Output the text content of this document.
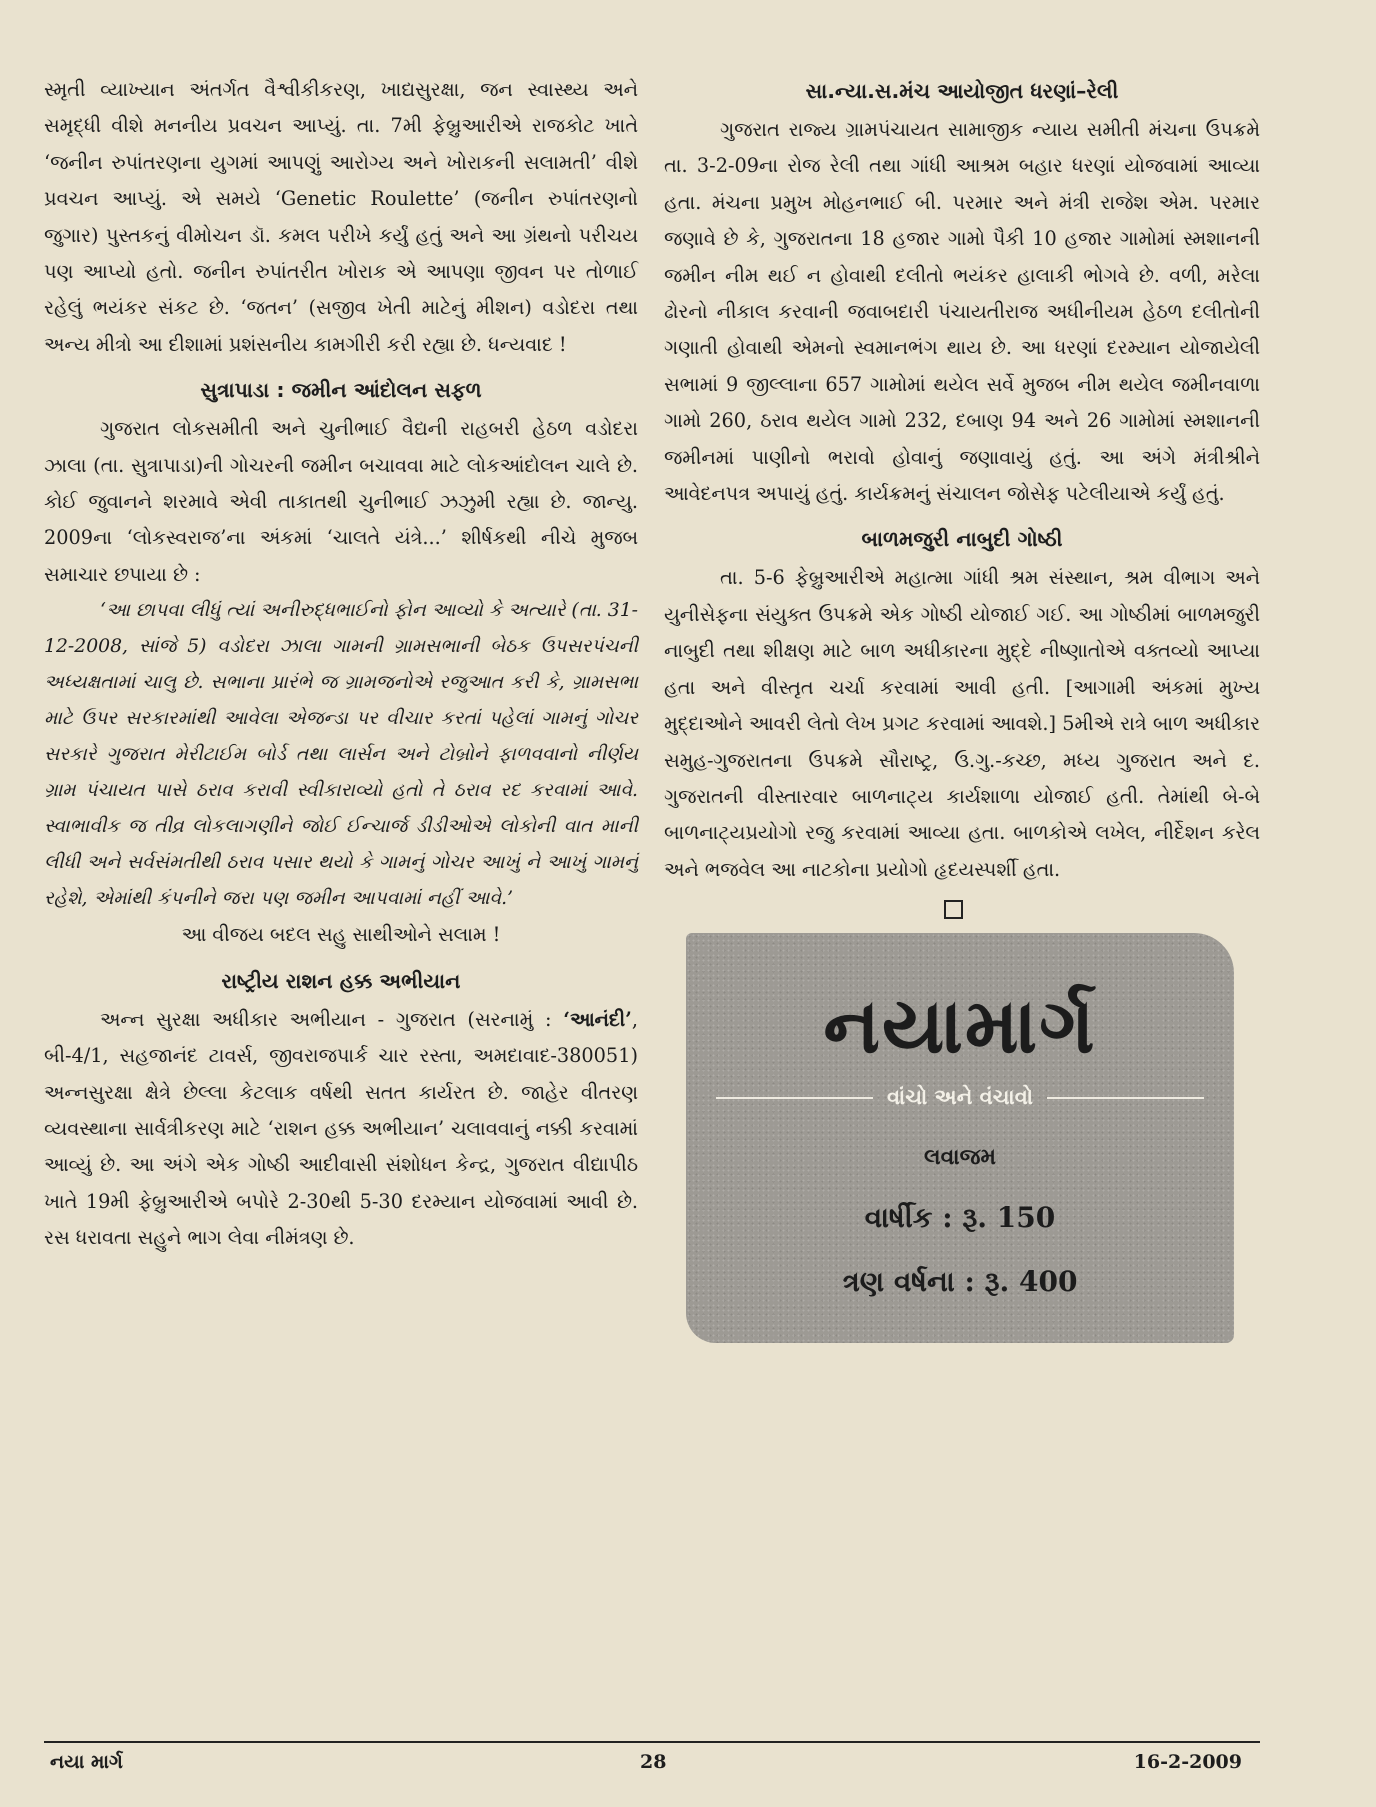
સ્મૃતી વ્યાખ્યાન અંતર્ગત વૈશ્વીકીકરણ, ખાદ્યસુરક્ષા, જન સ્વાસ્થ્ય અને સમૃદ્ધી વીશે મનનીય પ્રવચન આપ્યું. તા. 7મી ફેબ્રુઆરીએ રાજકોટ ખાતે ‘જનીન રુપાંતરણના યુગમાં આપણું આરોગ્ય અને ખોરાકની સલામતી’ વીશે પ્રવચન આપ્યું. એ સમયે ‘Genetic Roulette’ (જનીન રુપાંતરણનો જુગાર) પુસ્તકનું વીમોચન ડૉ. કમલ પરીખે કર્યું હતું અને આ ગ્રંથનો પરીચય પણ આપ્યો હતો. જનીન રુપાંતરીત ખોરાક એ આપણા જીવન પર તોળાઈ રહેલું ભયંકર સંકટ છે. ‘જતન’ (સજીવ ખેતી માટેનું મીશન) વડોદરા તથા અન્ય મીત્રો આ દીશામાં પ્રશંસનીય કામગીરી કરી રહ્યા છે. ધન્યવાદ !

સુત્રાપાડા : જમીન આંદોલન સફળ

ગુજરાત લોકસમીતી અને ચુનીભાઈ વૈદ્યની રાહબરી હેઠળ વડોદરા ઝાલા (તા. સુત્રાપાડા)ની ગોચરની જમીન બચાવવા માટે લોકઆંદોલન ચાલે છે. કોઈ જુવાનને શરમાવે એવી તાકાતથી ચુનીભાઈ ઝઝુમી રહ્યા છે. જાન્યુ. 2009ના ‘લોકસ્વરાજ’ના અંકમાં ‘ચાલતે યંત્રે...’ શીર્ષકથી નીચે મુજબ સમાચાર છપાયા છે :

‘આ છાપવા લીધું ત્યાં અનીરુદ્ધભાઈનો ફોન આવ્યો કે અત્યારે (તા. 31-12-2008, સાંજે 5) વડોદરા ઝાલા ગામની ગ્રામસભાની બેઠક ઉપસરપંચની અધ્યક્ષતામાં ચાલુ છે. સભાના પ્રારંભે જ ગ્રામજનોએ રજુઆત કરી કે, ગ્રામસભા માટે ઉપર સરકારમાંથી આવેલા એજન્ડા પર વીચાર કરતાં પહેલાં ગામનું ગોચર સરકારે ગુજરાત મેરીટાઈમ બોર્ડ તથા લાર્સન અને ટોબ્રોને ફાળવવાનો નીર્ણય ગ્રામ પંચાયત પાસે ઠરાવ કરાવી સ્વીકારાવ્યો હતો તે ઠરાવ રદ કરવામાં આવે. સ્વાભાવીક જ તીવ્ર લોકલાગણીને જોઈ ઈન્ચાર્જ ડીડીઓએ લોકોની વાત માની લીધી અને સર્વસંમતીથી ઠરાવ પસાર થયો કે ગામનું ગોચર આખું ને આખું ગામનું રહેશે, એમાંથી કંપનીને જરા પણ જમીન આપવામાં નહીં આવે.’

આ વીજય બદલ સહુ સાથીઓને સલામ !

રાષ્ટ્રીય રાશન હક્ક અભીયાન

અન્ન સુરક્ષા અધીકાર અભીયાન - ગુજરાત (સરનામું : ‘આનંદી’, બી-4/1, સહજાનંદ ટાવર્સ, જીવરાજપાર્ક ચાર રસ્તા, અમદાવાદ-380051) અન્નસુરક્ષા ક્ષેત્રે છેલ્લા કેટલાક વર્ષથી સતત કાર્યરત છે. જાહેર વીતરણ વ્યવસ્થાના સાર્વત્રીકરણ માટે ‘રાશન હક્ક અભીયાન’ ચલાવવાનું નક્કી કરવામાં આવ્યું છે. આ અંગે એક ગોષ્ઠી આદીવાસી સંશોધન કેન્દ્ર, ગુજરાત વીદ્યાપીઠ ખાતે 19મી ફેબ્રુઆરીએ બપોરે 2-30થી 5-30 દરમ્યાન યોજવામાં આવી છે. રસ ધરાવતા સહુને ભાગ લેવા નીમંત્રણ છે.

સા.ન્યા.સ.મંચ આયોજીત ધરણાં–રેલી

ગુજરાત રાજ્ય ગ્રામપંચાયત સામાજીક ન્યાય સમીતી મંચના ઉપક્રમે તા. 3-2-09ના રોજ રેલી તથા ગાંધી આશ્રમ બહાર ધરણાં યોજવામાં આવ્યા હતા. મંચના પ્રમુખ મોહનભાઈ બી. પરમાર અને મંત્રી રાજેશ એમ. પરમાર જણાવે છે કે, ગુજરાતના 18 હજાર ગામો પૈકી 10 હજાર ગામોમાં સ્મશાનની જમીન નીમ થઈ ન હોવાથી દલીતો ભયંકર હાલાકી ભોગવે છે. વળી, મરેલા ઢોરનો નીકાલ કરવાની જવાબદારી પંચાયતીરાજ અધીનીયમ હેઠળ દલીતોની ગણાતી હોવાથી એમનો સ્વમાનભંગ થાય છે. આ ધરણાં દરમ્યાન યોજાયેલી સભામાં 9 જીલ્લાના 657 ગામોમાં થયેલ સર્વે મુજબ નીમ થયેલ જમીનવાળા ગામો 260, ઠરાવ થયેલ ગામો 232, દબાણ 94 અને 26 ગામોમાં સ્મશાનની જમીનમાં પાણીનો ભરાવો હોવાનું જણાવાયું હતું. આ અંગે મંત્રીશ્રીને આવેદનપત્ર અપાયું હતું. કાર્યક્રમનું સંચાલન જોસેફ પટેલીયાએ કર્યું હતું.

બાળમજુરી નાબુદી ગોષ્ઠી

તા. 5-6 ફેબ્રુઆરીએ મહાત્મા ગાંધી શ્રમ સંસ્થાન, શ્રમ વીભાગ અને યુનીસેફના સંયુક્ત ઉપક્રમે એક ગોષ્ઠી યોજાઈ ગઈ. આ ગોષ્ઠીમાં બાળમજુરી નાબુદી તથા શીક્ષણ માટે બાળ અધીકારના મુદ્દે નીષ્ણાતોએ વક્તવ્યો આપ્યા હતા અને વીસ્તૃત ચર્ચા કરવામાં આવી હતી. [આગામી અંકમાં મુખ્ય મુદ્દાઓને આવરી લેતો લેખ પ્રગટ કરવામાં આવશે.] 5મીએ રાત્રે બાળ અધીકાર સમુહ-ગુજરાતના ઉપક્રમે સૌરાષ્ટ્ર, ઉ.ગુ.-કચ્છ, મધ્ય ગુજરાત અને દ. ગુજરાતની વીસ્તારવાર બાળનાટ્ય કાર્યશાળા યોજાઈ હતી. તેમાંથી બે-બે બાળનાટ્યપ્રયોગો રજુ કરવામાં આવ્યા હતા. બાળકોએ લખેલ, નીર્દેશન કરેલ અને ભજવેલ આ નાટકોના પ્રયોગો હૃદયસ્પર્શી હતા.

નયામાર્ગ
વાંચો અને વંચાવો
લવાજમ
વાર્ષીક : રૂ. 150
ત્રણ વર્ષના : રૂ. 400
નયા માર્ગ	28	16-2-2009
